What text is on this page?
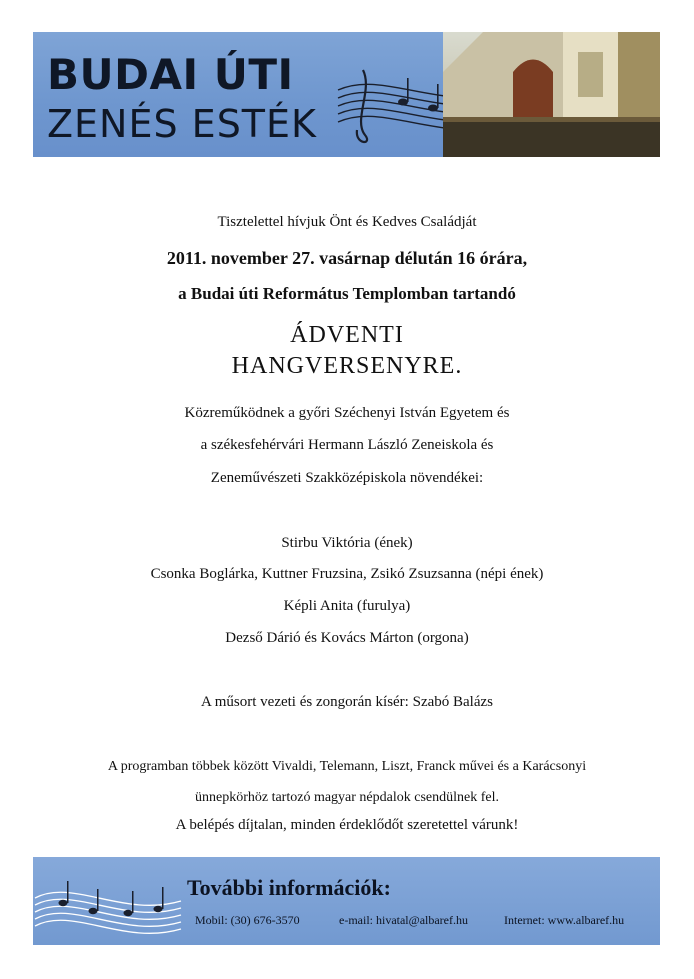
BUDAI ÚTI
ZENÉS ESTÉK
Tisztelettel hívjuk Önt és Kedves Családját
2011. november 27. vasárnap délután 16 órára,
a Budai úti Református Templomban tartandó
ÁDVENTI
HANGVERSENYRE.
Közreműködnek a győri Széchenyi István Egyetem és
a székesfehérvári Hermann László Zeneiskola és
Zeneművészeti Szakközépiskola növendékei:
Stirbu Viktória (ének)
Csonka Boglárka, Kuttner Fruzsina, Zsikó Zsuzsanna (népi ének)
Képli Anita (furulya)
Dezső Dárió és Kovács Márton (orgona)
A műsort vezeti és zongorán kísér: Szabó Balázs
A programban többek között Vivaldi, Telemann, Liszt, Franck művei és a Karácsonyi
ünnepkörhöz tartozó magyar népdalok csendülnek fel.
A belépés díjtalan, minden érdeklődőt szeretettel várunk!
További információk:
Mobil: (30) 676-3570	e-mail: hivatal@albaref.hu	Internet: www.albaref.hu
